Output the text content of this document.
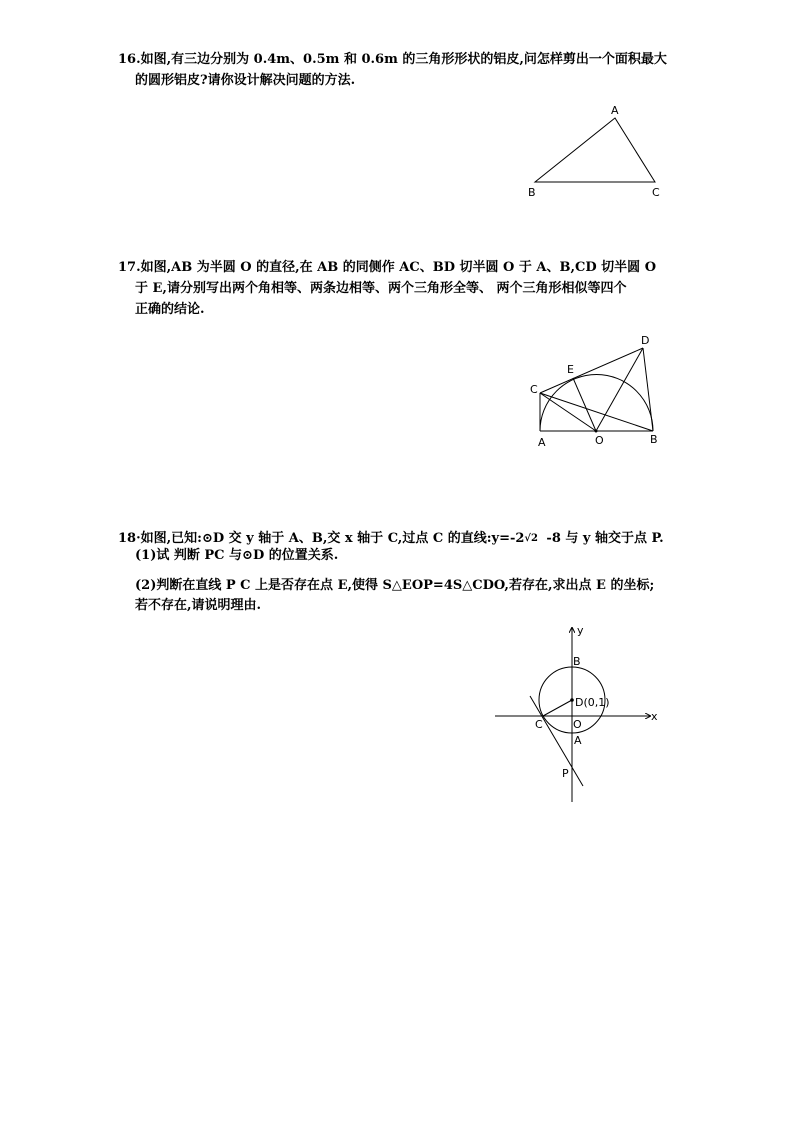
16.如图,有三边分别为 0.4m、0.5m 和 0.6m 的三角形形状的铝皮,问怎样剪出一个面积最大
的圆形铝皮?请你设计解决问题的方法.
A
B	C
17.如图,AB 为半圆 O 的直径,在 AB 的同侧作 AC、BD 切半圆 O 于 A、B,CD 切半圆 O
于 E,请分别写出两个角相等、两条边相等、两个三角形全等、 两个三角形相似等四个
正确的结论.
A	O	B
C
E
D
18·如图,已知:⊙D 交 y 轴于 A、B,交 x 轴于 C,过点 C 的直线:y=-2 √2 -8 与 y 轴交于点 P.
(1)试 判断 PC 与⊙D 的位置关系.
(2)判断在直线 P C 上是否存在点 E,使得 S△EOP=4S△CDO,若存在,求出点 E 的坐标;
若不存在,请说明理由.
x
y
B
D(0,1)
C	O
A
P
